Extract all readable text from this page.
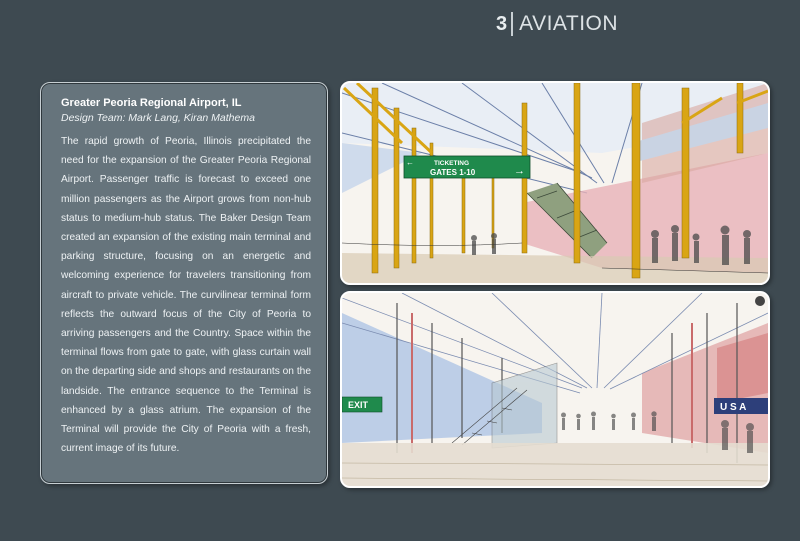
3 AVIATION
Greater Peoria Regional Airport, IL
Design Team: Mark Lang, Kiran Mathema

The rapid growth of Peoria, Illinois precipitated the need for the expansion of the Greater Peoria Regional Airport. Passenger traffic is forecast to exceed one million passengers as the Airport grows from non-hub status to medium-hub status. The Baker Design Team created an expansion of the existing main terminal and parking structure, focusing on an energetic and welcoming experience for travelers transitioning from aircraft to private vehicle. The curvilinear terminal form reflects the outward focus of the City of Peoria to arriving passengers and the Country. Space within the terminal flows from gate to gate, with glass curtain wall on the departing side and shops and restaurants on the landside. The entrance sequence to the Terminal is enhanced by a glass atrium. The expansion of the Terminal will provide the City of Peoria with a fresh, current image of its future.

←	TICKETING
GATES 1-10	→
EXIT	U S A
